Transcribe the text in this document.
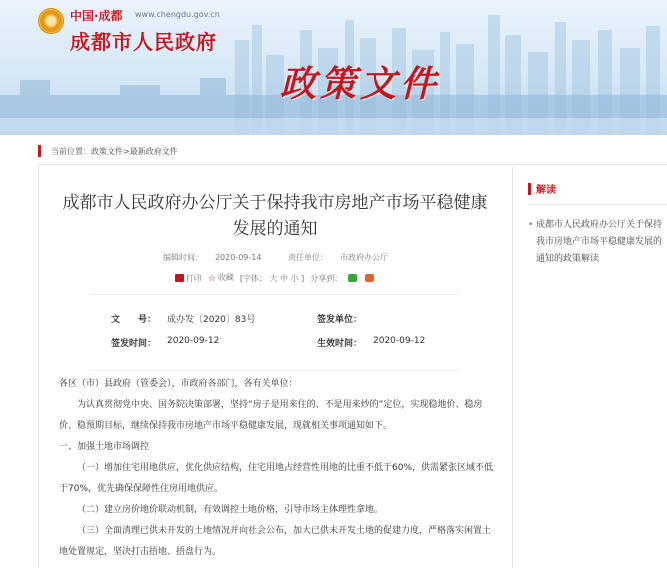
中国·成都 www.chengdu.gov.cn
成都市人民政府
政策文件
当前位置： 政策文件 > 最新政府文件
成都市人民政府办公厅关于保持我市房地产市场平稳健康发展的通知
编辑时间： 2020-09-14	责任单位： 市政府办公厅
打印 ☆ 收藏 [字体： 大 中 小 ] 分享到：
文　　号： 成办发〔2020〕83号	签发单位：
签发时间： 2020-09-12	生效时间： 2020-09-12

各区（市）县政府（管委会），市政府各部门，各有关单位：

为认真贯彻党中央、国务院决策部署，坚持“房子是用来住的、不是用来炒的”定位，实现稳地价、稳房价、稳预期目标，继续保持我市房地产市场平稳健康发展，现就相关事项通知如下。

一、加强土地市场调控

（一）增加住宅用地供应，优化供应结构，住宅用地占经营性用地的比重不低于60%，供需紧张区域不低于70%，优先确保保障性住房用地供应。

（二）建立房价地价联动机制，有效调控土地价格，引导市场主体理性拿地。

（三）全面清理已供未开发的土地情况并向社会公布，加大已供未开发土地的促建力度，严格落实闲置土地处置规定，坚决打击捂地、捂盘行为。

解读
• 成都市人民政府办公厅关于保持我市房地产市场平稳健康发展的通知的政策解读
